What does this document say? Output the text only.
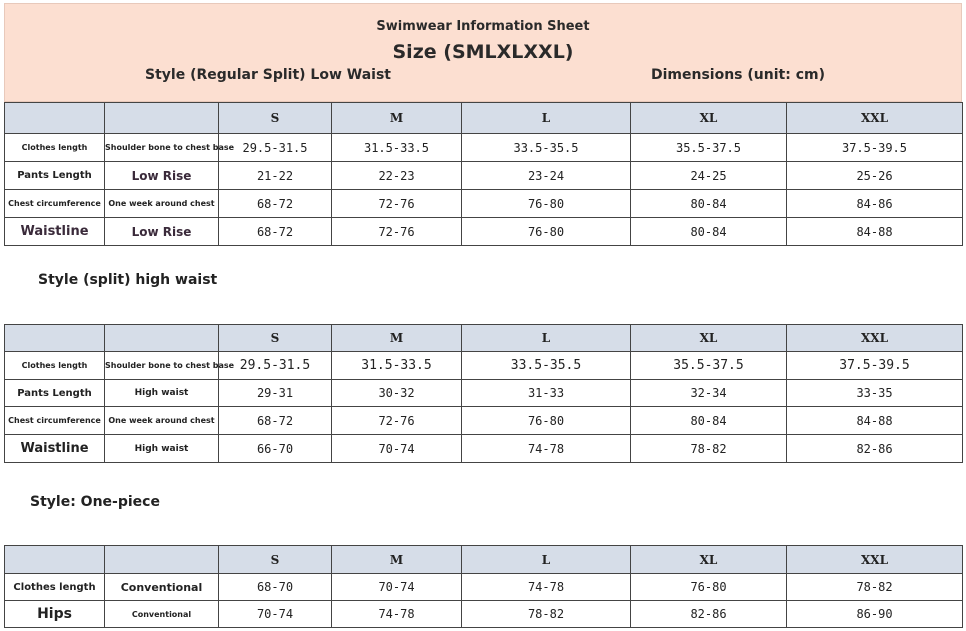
Swimwear Information Sheet
Size (SMLXLXXL)
Style (Regular Split) Low Waist	Dimensions (unit: cm)
		S	M	L	XL	XXL
Clothes length	Shoulder bone to chest base	29.5-31.5	31.5-33.5	33.5-35.5	35.5-37.5	37.5-39.5
Pants Length	Low Rise	21-22	22-23	23-24	24-25	25-26
Chest circumference	One week around chest	68-72	72-76	76-80	80-84	84-86
Waistline	Low Rise	68-72	72-76	76-80	80-84	84-88
Style (split) high waist
		S	M	L	XL	XXL
Clothes length	Shoulder bone to chest base	29.5-31.5	31.5-33.5	33.5-35.5	35.5-37.5	37.5-39.5
Pants Length	High waist	29-31	30-32	31-33	32-34	33-35
Chest circumference	One week around chest	68-72	72-76	76-80	80-84	84-88
Waistline	High waist	66-70	70-74	74-78	78-82	82-86
Style: One-piece
		S	M	L	XL	XXL
Clothes length	Conventional	68-70	70-74	74-78	76-80	78-82
Hips	Conventional	70-74	74-78	78-82	82-86	86-90
